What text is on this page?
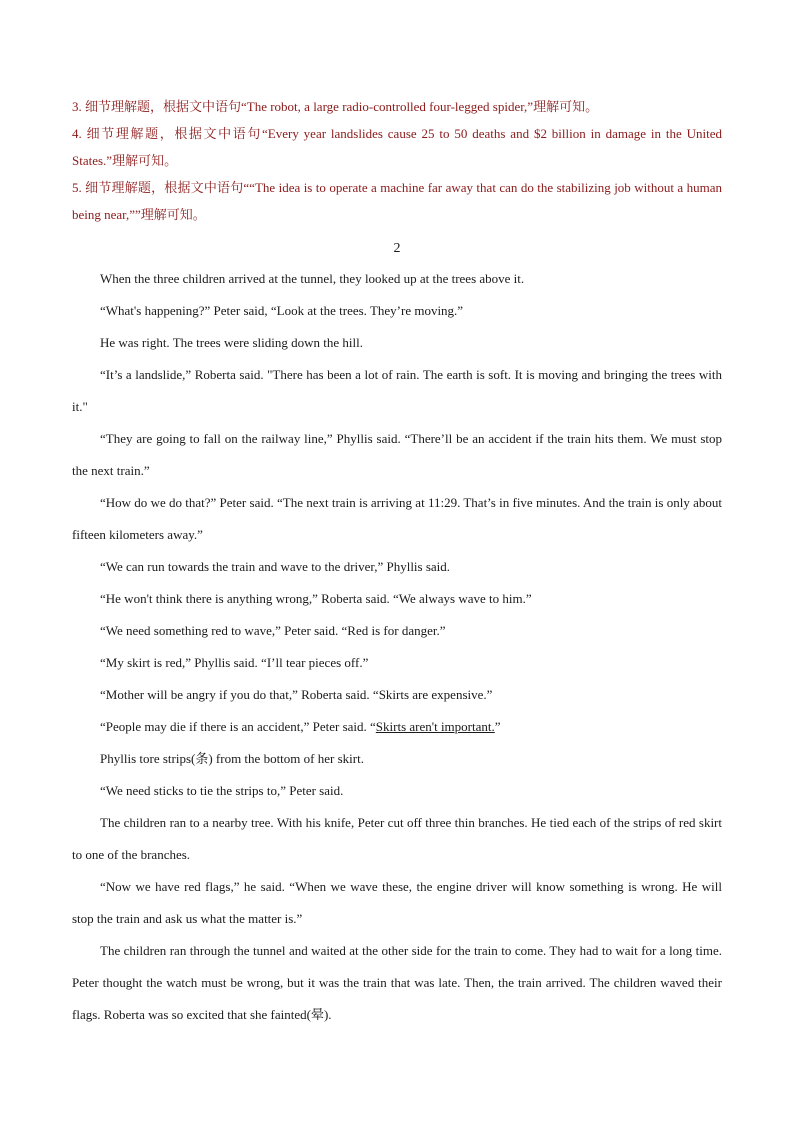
3. 细节理解题，根据文中语句“The robot, a large radio-controlled four-legged spider,”理解可知。
4. 细节理解题，根据文中语句“Every year landslides cause 25 to 50 deaths and $2 billion in damage in the United States.”理解可知。
5. 细节理解题，根据文中语句““The idea is to operate a machine far away that can do the stabilizing job without a human being near,””理解可知。
2

When the three children arrived at the tunnel, they looked up at the trees above it.

“What's happening?” Peter said, “Look at the trees. They’re moving.”

He was right. The trees were sliding down the hill.

“It’s a landslide,” Roberta said. "There has been a lot of rain. The earth is soft. It is moving and bringing the trees with it."

“They are going to fall on the railway line,” Phyllis said. “There’ll be an accident if the train hits them. We must stop the next train.”

“How do we do that?” Peter said. “The next train is arriving at 11:29. That’s in five minutes. And the train is only about fifteen kilometers away.”

“We can run towards the train and wave to the driver,” Phyllis said.

“He won't think there is anything wrong,” Roberta said. “We always wave to him.”

“We need something red to wave,” Peter said. “Red is for danger.”

“My skirt is red,” Phyllis said. “I’ll tear pieces off.”

“Mother will be angry if you do that,” Roberta said. “Skirts are expensive.”

“People may die if there is an accident,” Peter said. “Skirts aren't important.”

Phyllis tore strips(条) from the bottom of her skirt.

“We need sticks to tie the strips to,” Peter said.

The children ran to a nearby tree. With his knife, Peter cut off three thin branches. He tied each of the strips of red skirt to one of the branches.

“Now we have red flags,” he said. “When we wave these, the engine driver will know something is wrong. He will stop the train and ask us what the matter is.”

The children ran through the tunnel and waited at the other side for the train to come. They had to wait for a long time. Peter thought the watch must be wrong, but it was the train that was late. Then, the train arrived. The children waved their flags. Roberta was so excited that she fainted(晕).
